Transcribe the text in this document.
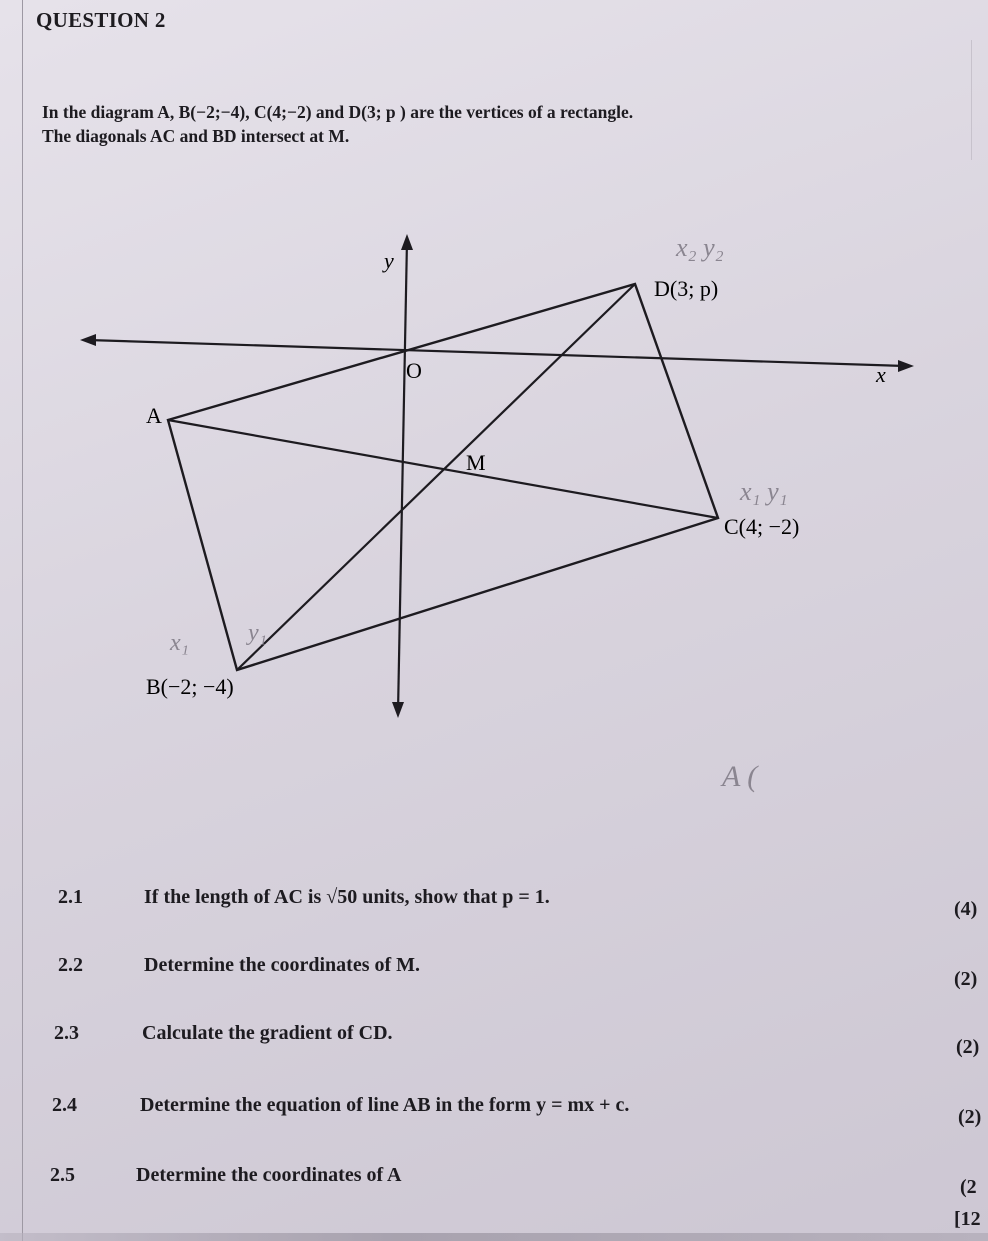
QUESTION 2
In the diagram A, B(−2;−4), C(4;−2) and D(3; p ) are the vertices of a rectangle.
The diagonals AC and BD intersect at M.
y
x
O
A
B(−2; −4)
C(4; −2)
D(3; p)
M
x₂ y₂
x₁ y₁
x₁ y₁
A (
2.1	If the length of AC is √50 units, show that p = 1.
(4)
2.2	Determine the coordinates of M.
(2)
2.3	Calculate the gradient of CD.
(2)
2.4	Determine the equation of line AB in the form y = mx + c.
(2)
2.5	Determine the coordinates of A
(2
[12
